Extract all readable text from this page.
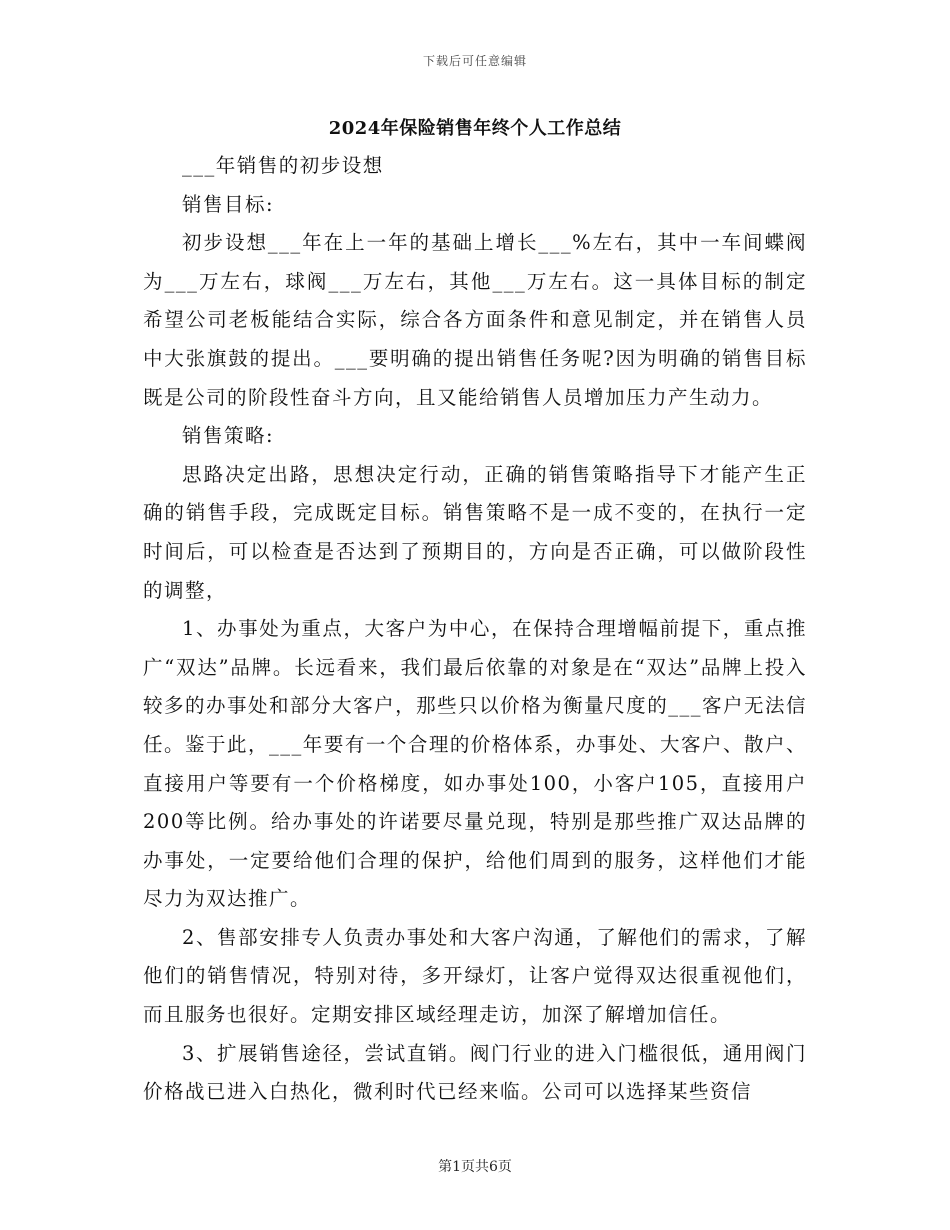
下载后可任意编辑
2024年保险销售年终个人工作总结

___年销售的初步设想

销售目标:

初步设想___年在上一年的基础上增长___%左右，其中一车间蝶阀为___万左右，球阀___万左右，其他___万左右。这一具体目标的制定希望公司老板能结合实际，综合各方面条件和意见制定，并在销售人员中大张旗鼓的提出。___要明确的提出销售任务呢?因为明确的销售目标既是公司的阶段性奋斗方向，且又能给销售人员增加压力产生动力。

销售策略:

思路决定出路，思想决定行动，正确的销售策略指导下才能产生正确的销售手段，完成既定目标。销售策略不是一成不变的，在执行一定时间后，可以检查是否达到了预期目的，方向是否正确，可以做阶段性的调整，

1、办事处为重点，大客户为中心，在保持合理增幅前提下，重点推广“双达”品牌。长远看来，我们最后依靠的对象是在“双达”品牌上投入较多的办事处和部分大客户，那些只以价格为衡量尺度的___客户无法信任。鉴于此，___年要有一个合理的价格体系，办事处、大客户、散户、直接用户等要有一个价格梯度，如办事处100，小客户105，直接用户200等比例。给办事处的许诺要尽量兑现，特别是那些推广双达品牌的办事处，一定要给他们合理的保护，给他们周到的服务，这样他们才能尽力为双达推广。

2、售部安排专人负责办事处和大客户沟通，了解他们的需求，了解他们的销售情况，特别对待，多开绿灯，让客户觉得双达很重视他们，而且服务也很好。定期安排区域经理走访，加深了解增加信任。

3、扩展销售途径，尝试直销。阀门行业的进入门槛很低，通用阀门价格战已进入白热化，微利时代已经来临。公司可以选择某些资信

第1页共6页
